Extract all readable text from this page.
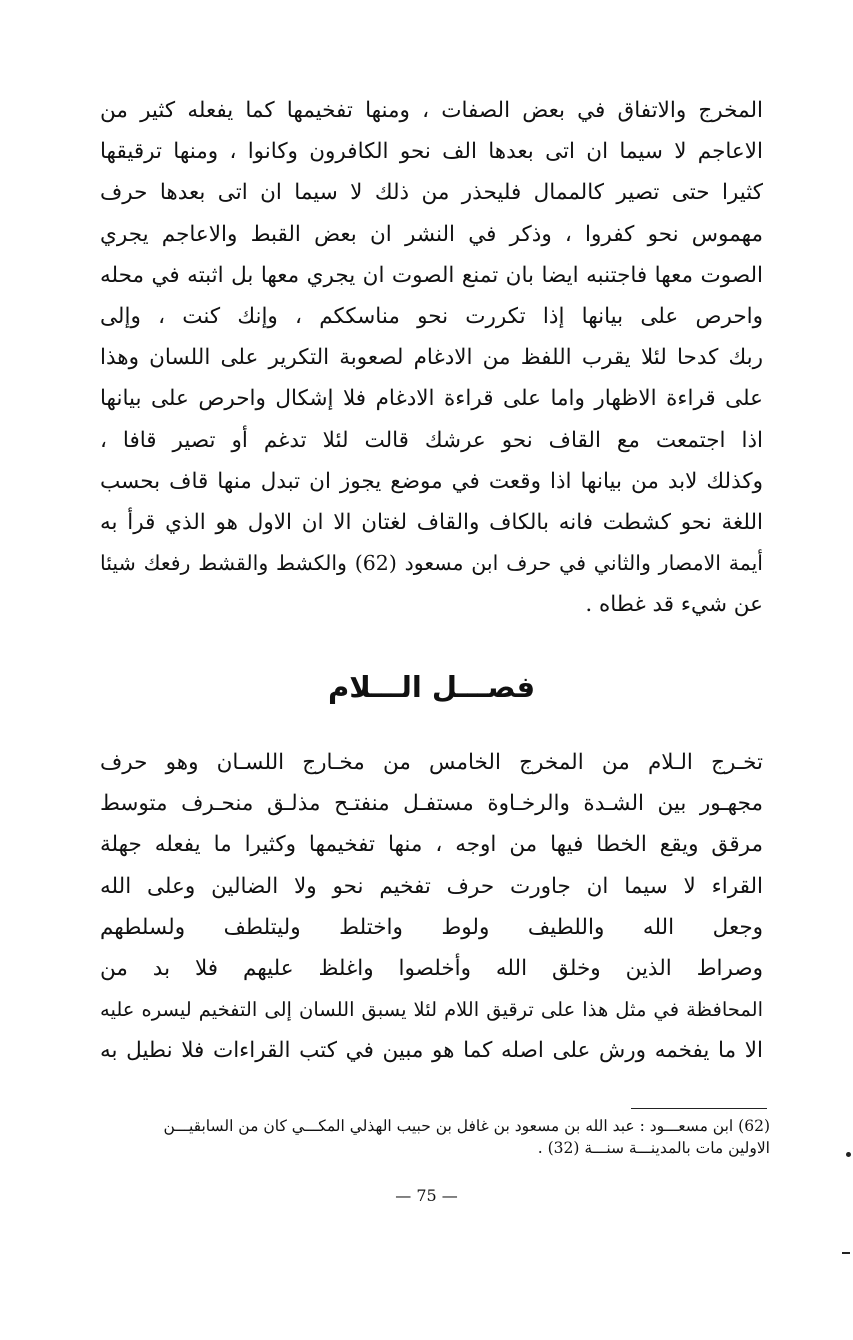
المخرج والاتفاق في بعض الصفات ، ومنها تفخيمها كما يفعله كثير من
الاعاجم لا سيما ان اتى بعدها الف نحو الكافرون وكانوا ، ومنها ترقيقها
كثيرا حتى تصير كالممال فليحذر من ذلك لا سيما ان اتى بعدها حرف
مهموس نحو كفروا ، وذكر في النشر ان بعض القبط والاعاجم يجري
الصوت معها فاجتنبه ايضا بان تمنع الصوت ان يجري معها بل اثبته في محله
واحرص على بيانها إذا تكررت نحو مناسككم ، وإنك كنت ، وإلى
ربك كدحا لئلا يقرب اللفظ من الادغام لصعوبة التكرير على اللسان وهذا
على قراءة الاظهار واما على قراءة الادغام فلا إشكال واحرص على بيانها
اذا اجتمعت مع القاف نحو عرشك قالت لئلا تدغم أو تصير قافا ،
وكذلك لابد من بيانها اذا وقعت في موضع يجوز ان تبدل منها قاف بحسب
اللغة نحو كشطت فانه بالكاف والقاف لغتان الا ان الاول هو الذي قرأ به
أيمة الامصار والثاني في حرف ابن مسعود (62) والكشط والقشط رفعك شيئا
عن شيء قد غطاه .
فصـــل الـــلام
تخـرج الـلام من المخرج الخامس من مخـارج اللسـان وهو حرف
مجهـور بين الشـدة والرخـاوة مستفـل منفتـح مذلـق منحـرف متوسط
مرقق ويقع الخطا فيها من اوجه ، منها تفخيمها وكثيرا ما يفعله جهلة
القراء لا سيما ان جاورت حرف تفخيم نحو ولا الضالين وعلى الله
وجعل الله واللطيف ولوط واختلط وليتلطف ولسلطهم
وصراط الذين وخلق الله وأخلصوا واغلظ عليهم فلا بد من
المحافظة في مثل هذا على ترقيق اللام لئلا يسبق اللسان إلى التفخيم ليسره عليه
الا ما يفخمه ورش على اصله كما هو مبين في كتب القراءات فلا نطيل به
(62) ابن مسعـــود : عبد الله بن مسعود بن غافل بن حبيب الهذلي المكـــي كان من السابقيـــن
الاولين مات بالمدينـــة سنـــة (32) .
— 75 —
